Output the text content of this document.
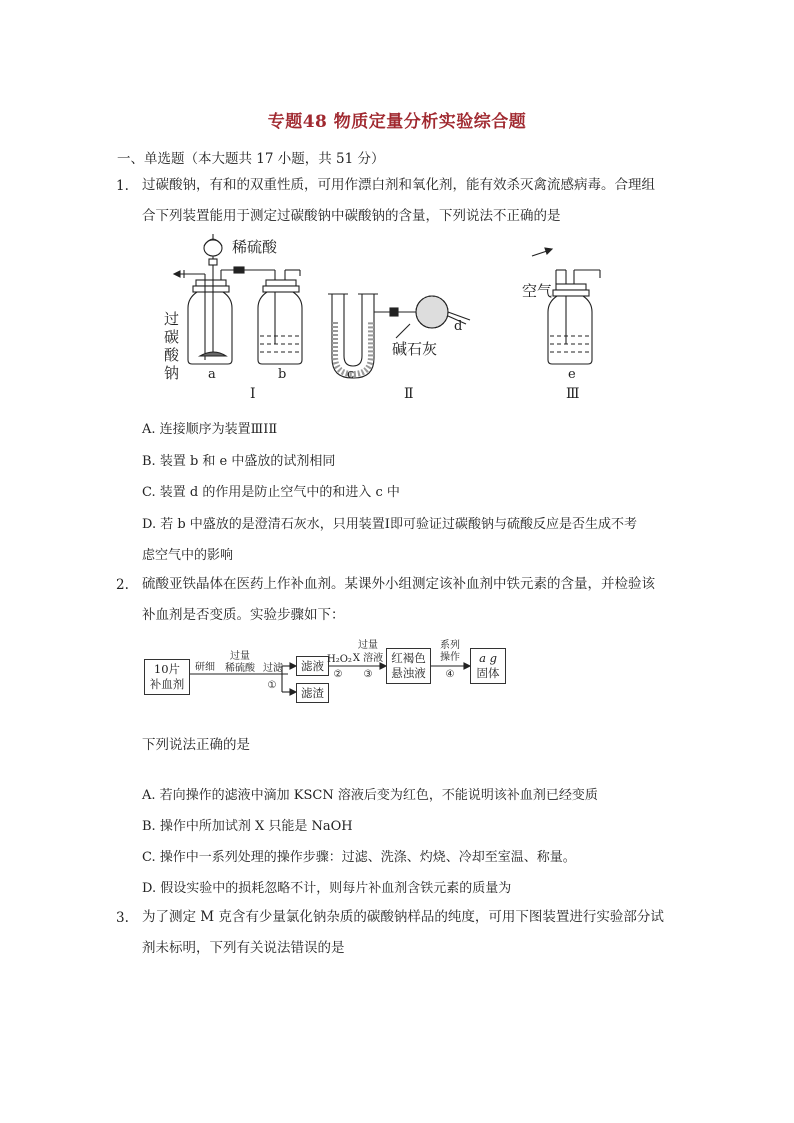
专题48 物质定量分析实验综合题
一、单选题（本大题共 17 小题，共 51 分）
1. 过碳酸钠，有和的双重性质，可用作漂白剂和氧化剂，能有效杀灭禽流感病毒。合理组
合下列装置能用于测定过碳酸钠中碳酸钠的含量，下列说法不正确的是
稀硫酸
过
碳
酸
钠 a	b
Ⅰ
c
Ⅱ
d
碱石灰
空气
e
Ⅲ
A. 连接顺序为装置ⅢⅠⅡ
B. 装置 b 和 e 中盛放的试剂相同
C. 装置 d 的作用是防止空气中的和进入 c 中
D. 若 b 中盛放的是澄清石灰水，只用装置Ⅰ即可验证过碳酸钠与硫酸反应是否生成不考
虑空气中的影响
2. 硫酸亚铁晶体在医药上作补血剂。某课外小组测定该补血剂中铁元素的含量，并检验该
补血剂是否变质。实验步骤如下：
10片
补血剂
研细
过量
稀硫酸 过滤
①
滤液
滤渣
H₂O₂
②
过量
X 溶液
③
红褐色
悬浊液
系列
操作
④
a g
固体
下列说法正确的是
A. 若向操作的滤液中滴加 KSCN 溶液后变为红色，不能说明该补血剂已经变质
B. 操作中所加试剂 X 只能是 NaOH
C. 操作中一系列处理的操作步骤：过滤、洗涤、灼烧、冷却至室温、称量。
D. 假设实验中的损耗忽略不计，则每片补血剂含铁元素的质量为
3. 为了测定 M 克含有少量氯化钠杂质的碳酸钠样品的纯度，可用下图装置进行实验部分试
剂未标明，下列有关说法错误的是
